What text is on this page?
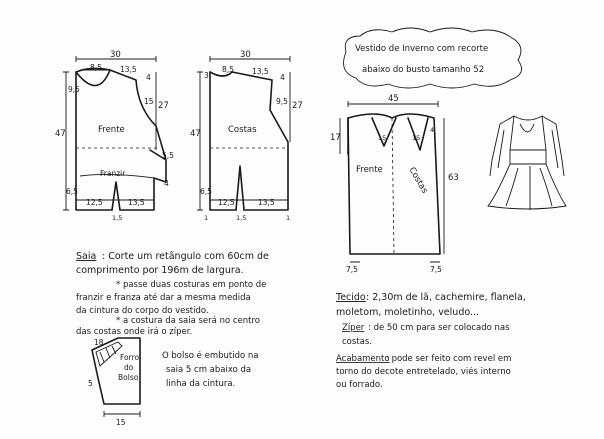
30
8,5 13,5
4
9,5
15 27
47	Frente
Franzir
5,5
4
6,5
1,5
12,5	13,5
30
8,5 13,5
4
3
9,5 27
47	Costas
6,5
12,5	13,5
1,5
1	1
Vestido de Inverno com recorte
abaixo do busto tamanho 52
45
17
Frente	Costas 63
7,5	7,5
15	15
4
Forro
do
Bolso
18
5
15
O bolso é embutido na
saia 5 cm abaixo da
linha da cintura.
Saia : Corte um retângulo com 60cm de
comprimento por 196m de largura.
* passe duas costuras em ponto de
franzir e franza até dar a mesma medida
da cintura do corpo do vestido.
* a costura da saia será no centro
das costas onde irá o zíper.
Tecido : 2,30m de lã, cachemire, flanela,
moletom, moletinho, veludo...
Zíper : de 50 cm para ser colocado nas
costas.
Acabamento
: pode ser feito com revel em
torno do decote entretelado, viés interno
ou forrado.
